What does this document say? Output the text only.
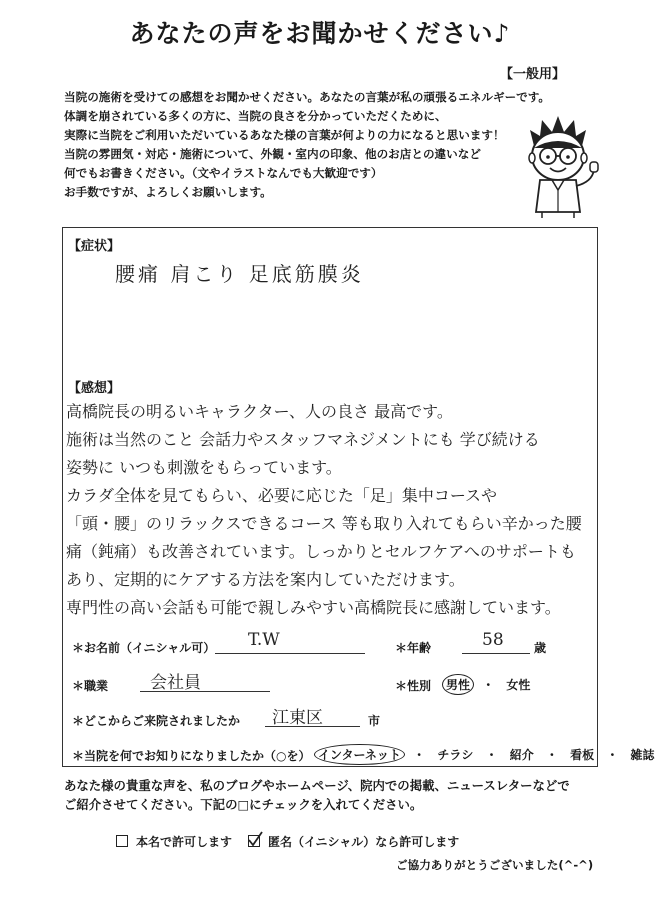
あなたの声をお聞かせください♪
【一般用】
当院の施術を受けての感想をお聞かせください。あなたの言葉が私の頑張るエネルギーです。
体調を崩されている多くの方に、当院の良さを分かっていただくために、
実際に当院をご利用いただいているあなた様の言葉が何よりの力になると思います！
当院の雰囲気・対応・施術について、外観・室内の印象、他のお店との違いなど
何でもお書きください。（文やイラストなんでも大歓迎です）
お手数ですが、よろしくお願いします。
【症状】
腰痛 肩こり 足底筋膜炎
【感想】
高橋院長の明るいキャラクター、人の良さ 最高です。
施術は当然のこと 会話力やスタッフマネジメントにも 学び続ける
姿勢に いつも刺激をもらっています。
カラダ全体を見てもらい、必要に応じた「足」集中コースや
「頭・腰」のリラックスできるコース 等も取り入れてもらい辛かった腰
痛（鈍痛）も改善されています。しっかりとセルフケアへのサポートも
あり、定期的にケアする方法を案内していただけます。
専門性の高い会話も可能で親しみやすい高橋院長に感謝しています。
＊お名前（イニシャル可） T.W	＊年齢	58	歳
＊職業 会社員	＊性別	男性 ・ 女性
＊どこからご来院されましたか 江東区	市
＊当院を何でお知りになりましたか（○を） インターネット ・ チラシ ・ 紹介 ・ 看板 ・ 雑誌
あなた様の貴重な声を、私のブログやホームページ、院内での掲載、ニュースレターなどで
ご紹介させてください。下記の□にチェックを入れてください。
本名で許可します	匿名（イニシャル）なら許可します
ご協力ありがとうございました(^-^)
